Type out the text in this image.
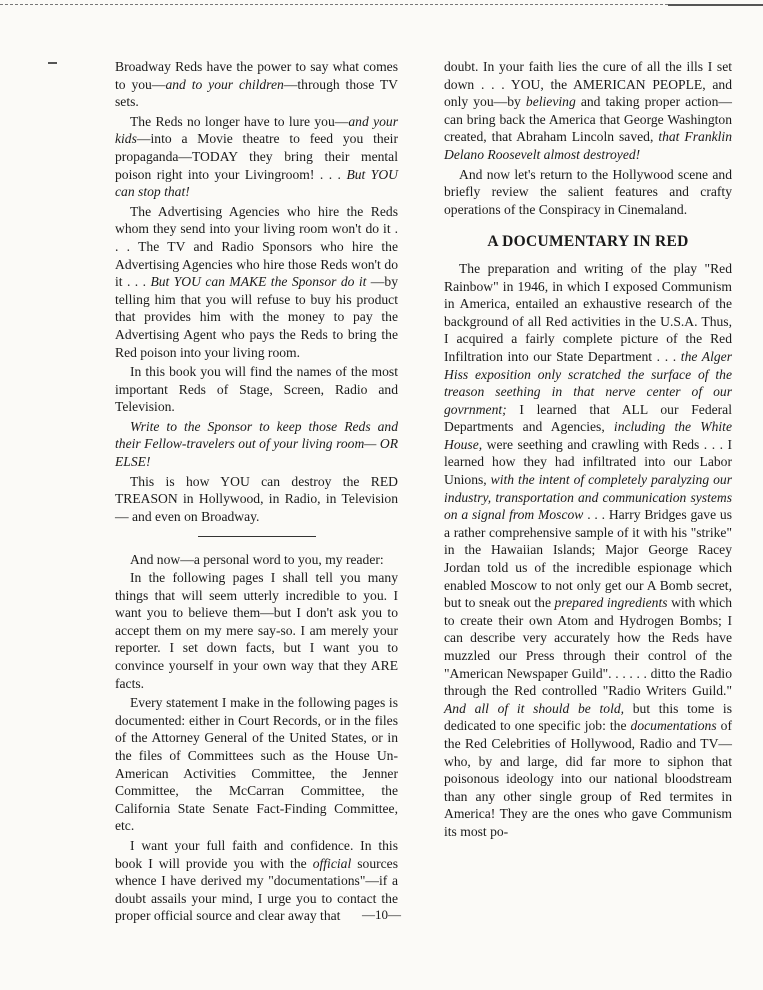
Broadway Reds have the power to say what comes to you—and to your children—through those TV sets.

The Reds no longer have to lure you—and your kids—into a Movie theatre to feed you their propaganda—TODAY they bring their mental poison right into your Livingroom! . . . But YOU can stop that!

The Advertising Agencies who hire the Reds whom they send into your living room won't do it . . . The TV and Radio Sponsors who hire the Advertising Agencies who hire those Reds won't do it . . . But YOU can MAKE the Sponsor do it —by telling him that you will refuse to buy his product that provides him with the money to pay the Advertising Agent who pays the Reds to bring the Red poison into your living room.

In this book you will find the names of the most important Reds of Stage, Screen, Radio and Television.

Write to the Sponsor to keep those Reds and their Fellow-travelers out of your living room— OR ELSE!

This is how YOU can destroy the RED TREASON in Hollywood, in Radio, in Television— and even on Broadway.

And now—a personal word to you, my reader:

In the following pages I shall tell you many things that will seem utterly incredible to you. I want you to believe them—but I don't ask you to accept them on my mere say-so. I am merely your reporter. I set down facts, but I want you to convince yourself in your own way that they ARE facts.

Every statement I make in the following pages is documented: either in Court Records, or in the files of the Attorney General of the United States, or in the files of Committees such as the House Un-American Activities Committee, the Jenner Committee, the McCarran Committee, the California State Senate Fact-Finding Committee, etc.

I want your full faith and confidence. In this book I will provide you with the official sources whence I have derived my "documentations"—if a doubt assails your mind, I urge you to contact the proper official source and clear away that

doubt. In your faith lies the cure of all the ills I set down . . . YOU, the AMERICAN PEOPLE, and only you—by believing and taking proper action—can bring back the America that George Washington created, that Abraham Lincoln saved, that Franklin Delano Roosevelt almost destroyed!

And now let's return to the Hollywood scene and briefly review the salient features and crafty operations of the Conspiracy in Cinemaland.

A DOCUMENTARY IN RED

The preparation and writing of the play "Red Rainbow" in 1946, in which I exposed Communism in America, entailed an exhaustive research of the background of all Red activities in the U.S.A. Thus, I acquired a fairly complete picture of the Red Infiltration into our State Department . . . the Alger Hiss exposition only scratched the surface of the treason seething in that nerve center of our govrnment; I learned that ALL our Federal Departments and Agencies, including the White House, were seething and crawling with Reds . . . I learned how they had infiltrated into our Labor Unions, with the intent of completely paralyzing our industry, transportation and communication systems on a signal from Moscow . . . Harry Bridges gave us a rather comprehensive sample of it with his "strike" in the Hawaiian Islands; Major George Racey Jordan told us of the incredible espionage which enabled Moscow to not only get our A Bomb secret, but to sneak out the prepared ingredients with which to create their own Atom and Hydrogen Bombs; I can describe very accurately how the Reds have muzzled our Press through their control of the "American Newspaper Guild". . . . . . ditto the Radio through the Red controlled "Radio Writers Guild." And all of it should be told, but this tome is dedicated to one specific job: the documentations of the Red Celebrities of Hollywood, Radio and TV— who, by and large, did far more to siphon that poisonous ideology into our national bloodstream than any other single group of Red termites in America! They are the ones who gave Communism its most po-

—10—
